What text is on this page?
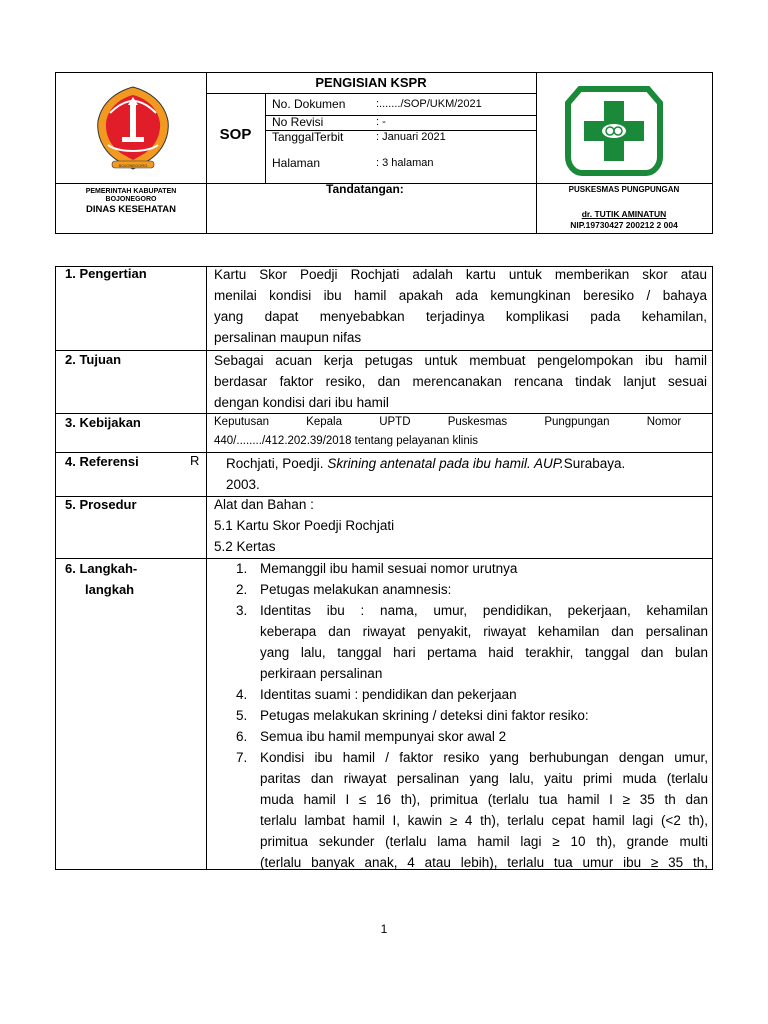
BOJONEGORO
PEMERINTAH KABUPATEN
BOJONEGORO
DINAS KESEHATAN
PENGISIAN KSPR
SOP
No. Dokumen	:......./SOP/UKM/2021
No Revisi	: -
TanggalTerbit	: Januari 2021
Halaman	: 3 halaman
Tandatangan:	PUSKESMAS PUNGPUNGAN
dr. TUTIK AMINATUN
NIP.19730427 200212 2 004
1. Pengertian	Kartu Skor Poedji Rochjati adalah kartu untuk memberikan skor atau
menilai kondisi ibu hamil apakah ada kemungkinan beresiko / bahaya
yang dapat menyebabkan terjadinya komplikasi pada kehamilan,
persalinan maupun nifas
2. Tujuan	Sebagai acuan kerja petugas untuk membuat pengelompokan ibu hamil
berdasar faktor resiko, dan merencanakan rencana tindak lanjut sesuai
dengan kondisi dari ibu hamil
3. Kebijakan	Keputusan Kepala UPTD Puskesmas Pungpungan Nomor
440/......../412.202.39/2018 tentang pelayanan klinis
4. Referensi	R Rochjati, Poedji. Skrining antenatal pada ibu hamil. AUP.Surabaya.
2003.
5. Prosedur	Alat dan Bahan :
5.1 Kartu Skor Poedji Rochjati
5.2 Kertas
6. Langkah-
langkah
1. Memanggil ibu hamil sesuai nomor urutnya
2. Petugas melakukan anamnesis:
3. Identitas ibu : nama, umur, pendidikan, pekerjaan, kehamilan
keberapa dan riwayat penyakit, riwayat kehamilan dan persalinan
yang lalu, tanggal hari pertama haid terakhir, tanggal dan bulan
perkiraan persalinan
4. Identitas suami : pendidikan dan pekerjaan
5. Petugas melakukan skrining / deteksi dini faktor resiko:
6. Semua ibu hamil mempunyai skor awal 2
7. Kondisi ibu hamil / faktor resiko yang berhubungan dengan umur,
paritas dan riwayat persalinan yang lalu, yaitu primi muda (terlalu
muda hamil I ≤ 16 th), primitua (terlalu tua hamil I ≥ 35 th dan
terlalu lambat hamil I, kawin ≥ 4 th), terlalu cepat hamil lagi (<2 th),
primitua sekunder (terlalu lama hamil lagi ≥ 10 th), grande multi
(terlalu banyak anak, 4 atau lebih), terlalu tua umur ibu ≥ 35 th,
1
